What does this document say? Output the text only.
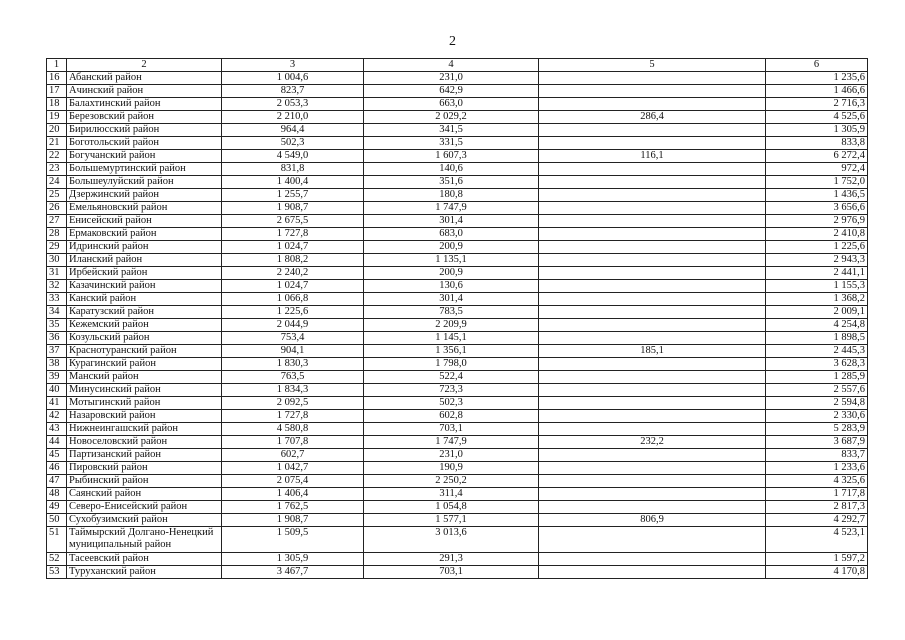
2
1	2	3	4	5	6
16	Абанский район	1 004,6	231,0		1 235,6
17	Ачинский район	823,7	642,9		1 466,6
18	Балахтинский район	2 053,3	663,0		2 716,3
19	Березовский район	2 210,0	2 029,2	286,4	4 525,6
20	Бирилюсский район	964,4	341,5		1 305,9
21	Боготольский район	502,3	331,5		833,8
22	Богучанский район	4 549,0	1 607,3	116,1	6 272,4
23	Большемуртинский район	831,8	140,6		972,4
24	Большеулуйский район	1 400,4	351,6		1 752,0
25	Дзержинский район	1 255,7	180,8		1 436,5
26	Емельяновский район	1 908,7	1 747,9		3 656,6
27	Енисейский район	2 675,5	301,4		2 976,9
28	Ермаковский район	1 727,8	683,0		2 410,8
29	Идринский район	1 024,7	200,9		1 225,6
30	Иланский район	1 808,2	1 135,1		2 943,3
31	Ирбейский район	2 240,2	200,9		2 441,1
32	Казачинский район	1 024,7	130,6		1 155,3
33	Канский район	1 066,8	301,4		1 368,2
34	Каратузский район	1 225,6	783,5		2 009,1
35	Кежемский район	2 044,9	2 209,9		4 254,8
36	Козульский район	753,4	1 145,1		1 898,5
37	Краснотуранский район	904,1	1 356,1	185,1	2 445,3
38	Курагинский район	1 830,3	1 798,0		3 628,3
39	Манский район	763,5	522,4		1 285,9
40	Минусинский район	1 834,3	723,3		2 557,6
41	Мотыгинский район	2 092,5	502,3		2 594,8
42	Назаровский район	1 727,8	602,8		2 330,6
43	Нижнеингашский район	4 580,8	703,1		5 283,9
44	Новоселовский район	1 707,8	1 747,9	232,2	3 687,9
45	Партизанский район	602,7	231,0		833,7
46	Пировский район	1 042,7	190,9		1 233,6
47	Рыбинский район	2 075,4	2 250,2		4 325,6
48	Саянский район	1 406,4	311,4		1 717,8
49	Северо-Енисейский район	1 762,5	1 054,8		2 817,3
50	Сухобузимский район	1 908,7	1 577,1	806,9	4 292,7
51	Таймырский Долгано-Ненецкий муниципальный район	1 509,5	3 013,6		4 523,1
52	Тасеевский район	1 305,9	291,3		1 597,2
53	Туруханский район	3 467,7	703,1		4 170,8
